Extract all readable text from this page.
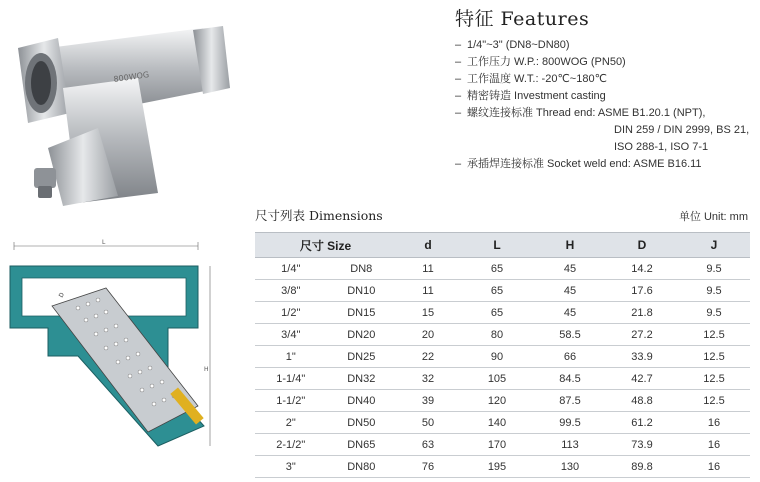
800WOG
L
H
D
特征 Features
– 1/4"~3" (DN8~DN80)
– 工作压力 W.P.: 800WOG (PN50)
– 工作温度 W.T.: -20℃~180℃
– 精密铸造 Investment casting
– 螺纹连接标准 Thread end: ASME B1.20.1 (NPT),
DIN 259 / DIN 2999, BS 21,
ISO 288-1, ISO 7-1
– 承插焊连接标准 Socket weld end: ASME B16.11
尺寸列表 Dimensions	单位 Unit: mm
尺寸 Size		d	L	H	D	J
1/4"	DN8	11	65	45	14.2	9.5
3/8"	DN10	11	65	45	17.6	9.5
1/2"	DN15	15	65	45	21.8	9.5
3/4"	DN20	20	80	58.5	27.2	12.5
1"	DN25	22	90	66	33.9	12.5
1-1/4"	DN32	32	105	84.5	42.7	12.5
1-1/2"	DN40	39	120	87.5	48.8	12.5
2"	DN50	50	140	99.5	61.2	16
2-1/2"	DN65	63	170	113	73.9	16
3"	DN80	76	195	130	89.8	16
